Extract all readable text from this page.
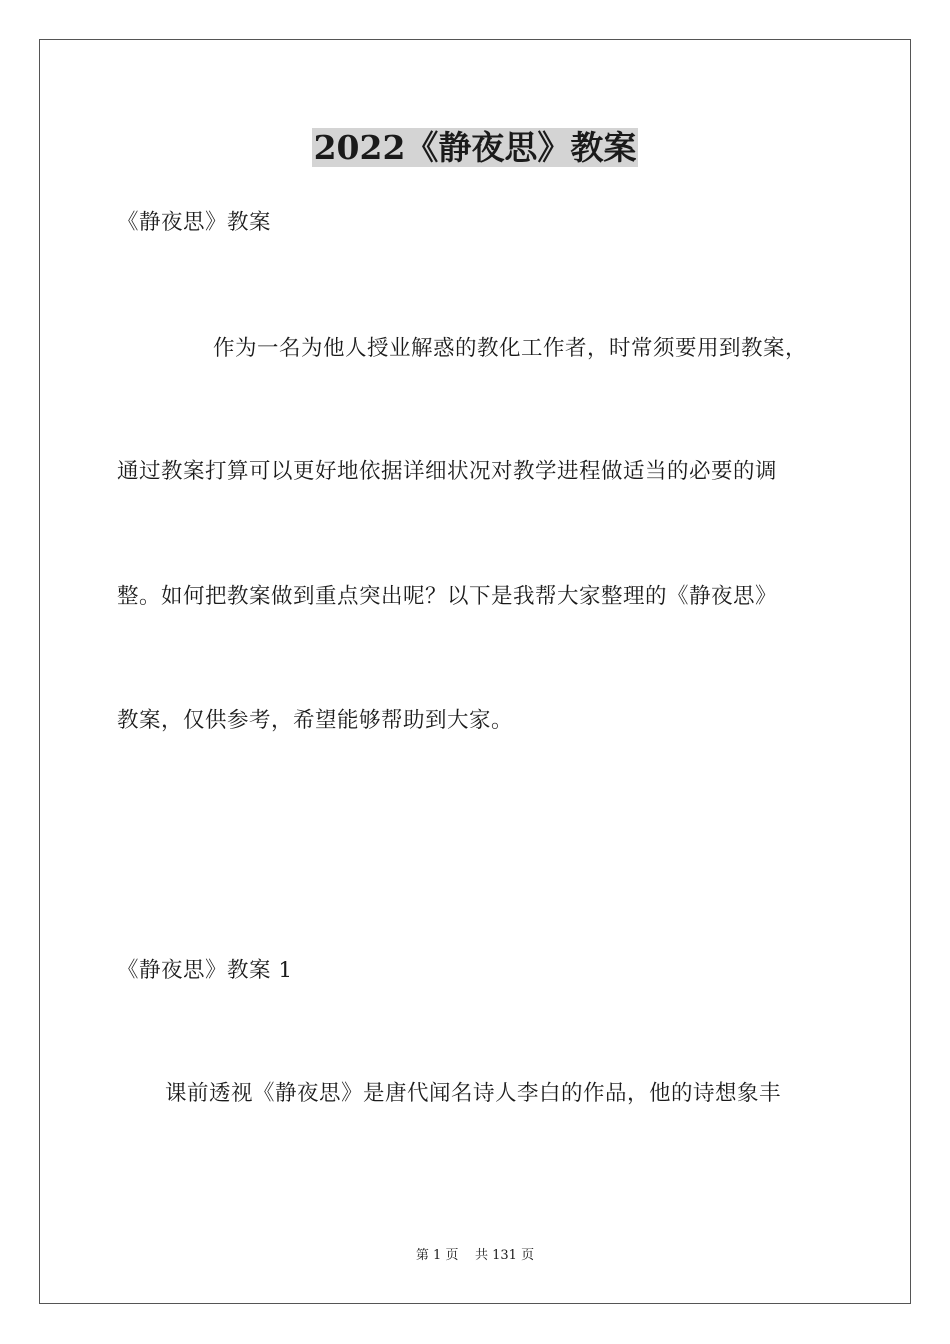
2022《静夜思》教案
《静夜思》教案
作为一名为他人授业解惑的教化工作者，时常须要用到教案，
通过教案打算可以更好地依据详细状况对教学进程做适当的必要的调
整。如何把教案做到重点突出呢？以下是我帮大家整理的《静夜思》
教案，仅供参考，希望能够帮助到大家。
《静夜思》教案 1
课前透视《静夜思》是唐代闻名诗人李白的作品，他的诗想象丰
第 1 页    共 131 页
